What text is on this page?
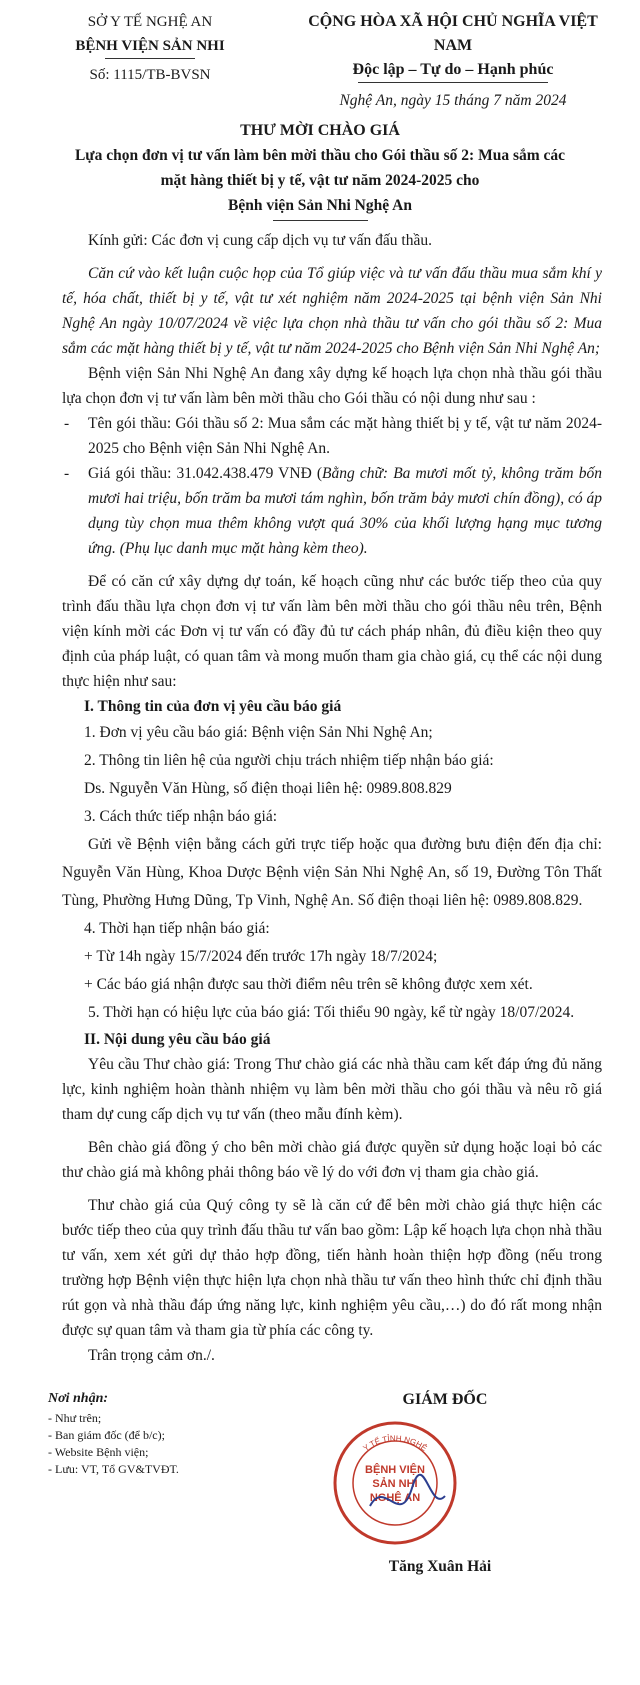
SỞ Y TẾ NGHỆ AN
BỆNH VIỆN SẢN NHI
Số: 1115/TB-BVSN
CỘNG HÒA XÃ HỘI CHỦ NGHĨA VIỆT NAM
Độc lập – Tự do – Hạnh phúc
Nghệ An, ngày 15 tháng 7 năm 2024
THƯ MỜI CHÀO GIÁ
Lựa chọn đơn vị tư vấn làm bên mời thầu cho Gói thầu số 2: Mua sắm các
mặt hàng thiết bị y tế, vật tư năm 2024-2025 cho
Bệnh viện Sản Nhi Nghệ An

Kính gửi: Các đơn vị cung cấp dịch vụ tư vấn đấu thầu.

Căn cứ vào kết luận cuộc họp của Tổ giúp việc và tư vấn đấu thầu mua sắm khí y tế, hóa chất, thiết bị y tế, vật tư xét nghiệm năm 2024-2025 tại bệnh viện Sản Nhi Nghệ An ngày 10/07/2024 về việc lựa chọn nhà thầu tư vấn cho gói thầu số 2: Mua sắm các mặt hàng thiết bị y tế, vật tư năm 2024-2025 cho Bệnh viện Sản Nhi Nghệ An;

Bệnh viện Sản Nhi Nghệ An đang xây dựng kế hoạch lựa chọn nhà thầu gói thầu lựa chọn đơn vị tư vấn làm bên mời thầu cho Gói thầu có nội dung như sau :

- Tên gói thầu: Gói thầu số 2: Mua sắm các mặt hàng thiết bị y tế, vật tư năm 2024-2025 cho Bệnh viện Sản Nhi Nghệ An.

- Giá gói thầu: 31.042.438.479 VNĐ (Bằng chữ: Ba mươi mốt tỷ, không trăm bốn mươi hai triệu, bốn trăm ba mươi tám nghìn, bốn trăm bảy mươi chín đồng), có áp dụng tùy chọn mua thêm không vượt quá 30% của khối lượng hạng mục tương ứng. (Phụ lục danh mục mặt hàng kèm theo).

Để có căn cứ xây dựng dự toán, kế hoạch cũng như các bước tiếp theo của quy trình đấu thầu lựa chọn đơn vị tư vấn làm bên mời thầu cho gói thầu nêu trên, Bệnh viện kính mời các Đơn vị tư vấn có đầy đủ tư cách pháp nhân, đủ điều kiện theo quy định của pháp luật, có quan tâm và mong muốn tham gia chào giá, cụ thể các nội dung thực hiện như sau:

I. Thông tin của đơn vị yêu cầu báo giá

1. Đơn vị yêu cầu báo giá: Bệnh viện Sản Nhi Nghệ An;

2. Thông tin liên hệ của người chịu trách nhiệm tiếp nhận báo giá:

Ds. Nguyễn Văn Hùng, số điện thoại liên hệ: 0989.808.829

3. Cách thức tiếp nhận báo giá:

Gửi về Bệnh viện bằng cách gửi trực tiếp hoặc qua đường bưu điện đến địa chỉ: Nguyễn Văn Hùng, Khoa Dược Bệnh viện Sản Nhi Nghệ An, số 19, Đường Tôn Thất Tùng, Phường Hưng Dũng, Tp Vinh, Nghệ An. Số điện thoại liên hệ: 0989.808.829.

4. Thời hạn tiếp nhận báo giá:

+ Từ 14h ngày 15/7/2024 đến trước 17h ngày 18/7/2024;

+ Các báo giá nhận được sau thời điểm nêu trên sẽ không được xem xét.

5. Thời hạn có hiệu lực của báo giá: Tối thiểu 90 ngày, kể từ ngày 18/07/2024.

II. Nội dung yêu cầu báo giá

Yêu cầu Thư chào giá: Trong Thư chào giá các nhà thầu cam kết đáp ứng đủ năng lực, kinh nghiệm hoàn thành nhiệm vụ làm bên mời thầu cho gói thầu và nêu rõ giá tham dự cung cấp dịch vụ tư vấn (theo mẫu đính kèm).

Bên chào giá đồng ý cho bên mời chào giá được quyền sử dụng hoặc loại bỏ các thư chào giá mà không phải thông báo về lý do với đơn vị tham gia chào giá.

Thư chào giá của Quý công ty sẽ là căn cứ để bên mời chào giá thực hiện các bước tiếp theo của quy trình đấu thầu tư vấn bao gồm: Lập kế hoạch lựa chọn nhà thầu tư vấn, xem xét gửi dự thảo hợp đồng, tiến hành hoàn thiện hợp đồng (nếu trong trường hợp Bệnh viện thực hiện lựa chọn nhà thầu tư vấn theo hình thức chỉ định thầu rút gọn và nhà thầu đáp ứng năng lực, kinh nghiệm yêu cầu,…) do đó rất mong nhận được sự quan tâm và tham gia từ phía các công ty.

Trân trọng cảm ơn./.

Nơi nhận:
- Như trên;
- Ban giám đốc (để b/c);
- Website Bệnh viện;
- Lưu: VT, Tổ GV&TVĐT.
GIÁM ĐỐC
BỆNH VIỆN
SẢN NHI
NGHỆ AN
Y TẾ TỈNH NGHỆ
Tăng Xuân Hải
